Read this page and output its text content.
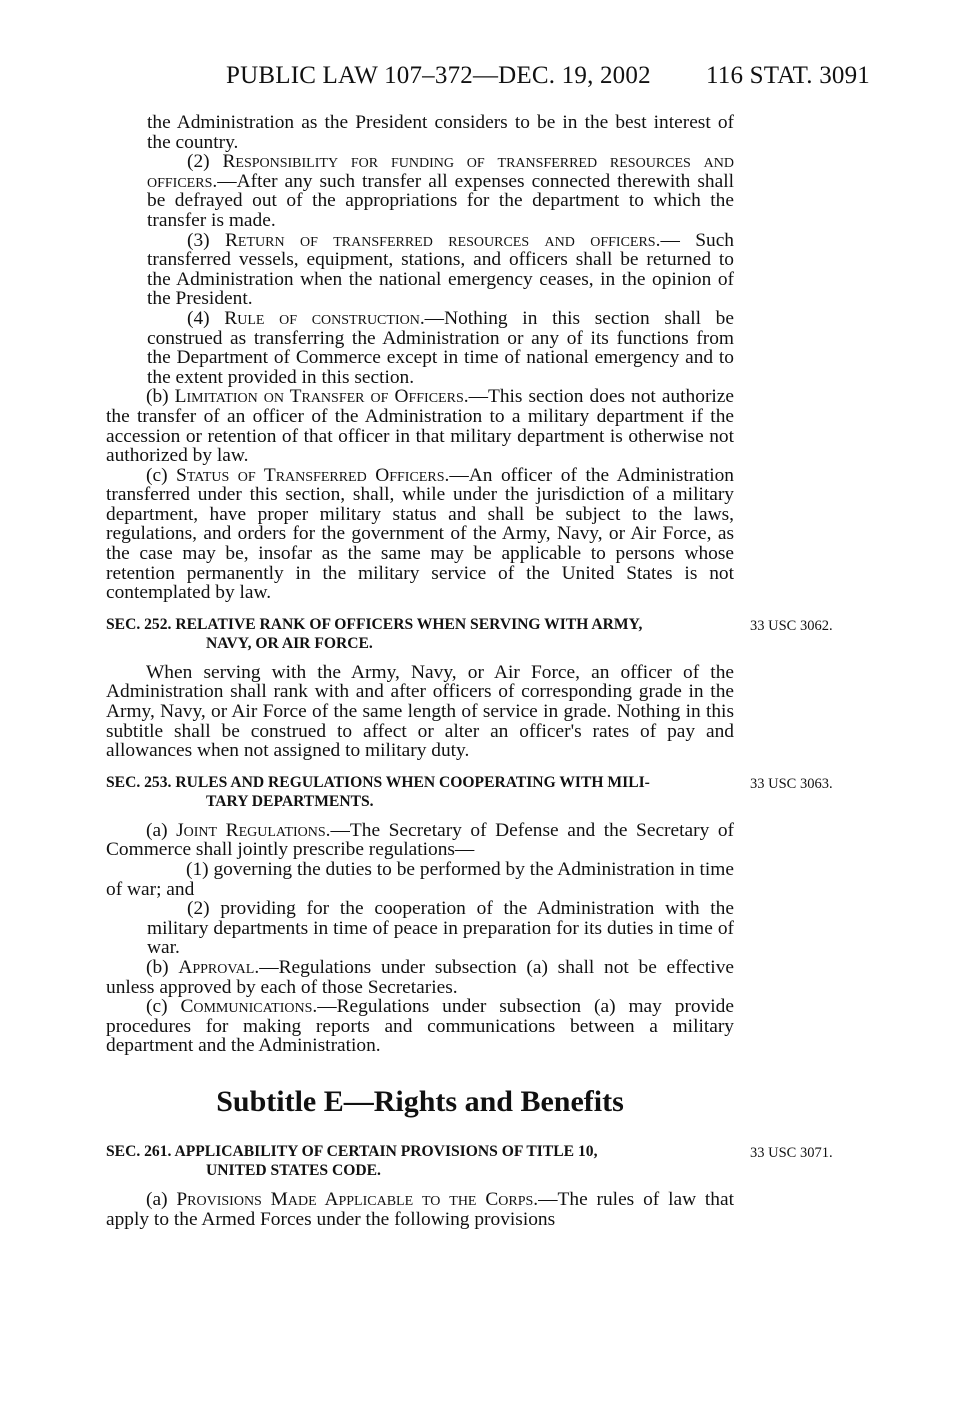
PUBLIC LAW 107–372—DEC. 19, 2002 116 STAT. 3091

the Administration as the President considers to be in the best interest of the country.

(2) Responsibility for funding of transferred resources and officers.—After any such transfer all expenses connected therewith shall be defrayed out of the appropriations for the department to which the transfer is made.

(3) Return of transferred resources and officers.— Such transferred vessels, equipment, stations, and officers shall be returned to the Administration when the national emergency ceases, in the opinion of the President.

(4) Rule of construction.—Nothing in this section shall be construed as transferring the Administration or any of its functions from the Department of Commerce except in time of national emergency and to the extent provided in this section.

(b) Limitation on Transfer of Officers.—This section does not authorize the transfer of an officer of the Administration to a military department if the accession or retention of that officer in that military department is otherwise not authorized by law.

(c) Status of Transferred Officers.—An officer of the Administration transferred under this section, shall, while under the jurisdiction of a military department, have proper military status and shall be subject to the laws, regulations, and orders for the government of the Army, Navy, or Air Force, as the case may be, insofar as the same may be applicable to persons whose retention permanently in the military service of the United States is not contemplated by law.

SEC. 252. RELATIVE RANK OF OFFICERS WHEN SERVING WITH ARMY,
NAVY, OR AIR FORCE.
33 USC 3062.

When serving with the Army, Navy, or Air Force, an officer of the Administration shall rank with and after officers of corresponding grade in the Army, Navy, or Air Force of the same length of service in grade. Nothing in this subtitle shall be construed to affect or alter an officer's rates of pay and allowances when not assigned to military duty.

SEC. 253. RULES AND REGULATIONS WHEN COOPERATING WITH MILI-
TARY DEPARTMENTS.
33 USC 3063.

(a) Joint Regulations.—The Secretary of Defense and the Secretary of Commerce shall jointly prescribe regulations—

(1) governing the duties to be performed by the Administration in time of war; and

(2) providing for the cooperation of the Administration with the military departments in time of peace in preparation for its duties in time of war.

(b) Approval.—Regulations under subsection (a) shall not be effective unless approved by each of those Secretaries.

(c) Communications.—Regulations under subsection (a) may provide procedures for making reports and communications between a military department and the Administration.

Subtitle E—Rights and Benefits
SEC. 261. APPLICABILITY OF CERTAIN PROVISIONS OF TITLE 10,
UNITED STATES CODE.
33 USC 3071.

(a) Provisions Made Applicable to the Corps.—The rules of law that apply to the Armed Forces under the following provisions
